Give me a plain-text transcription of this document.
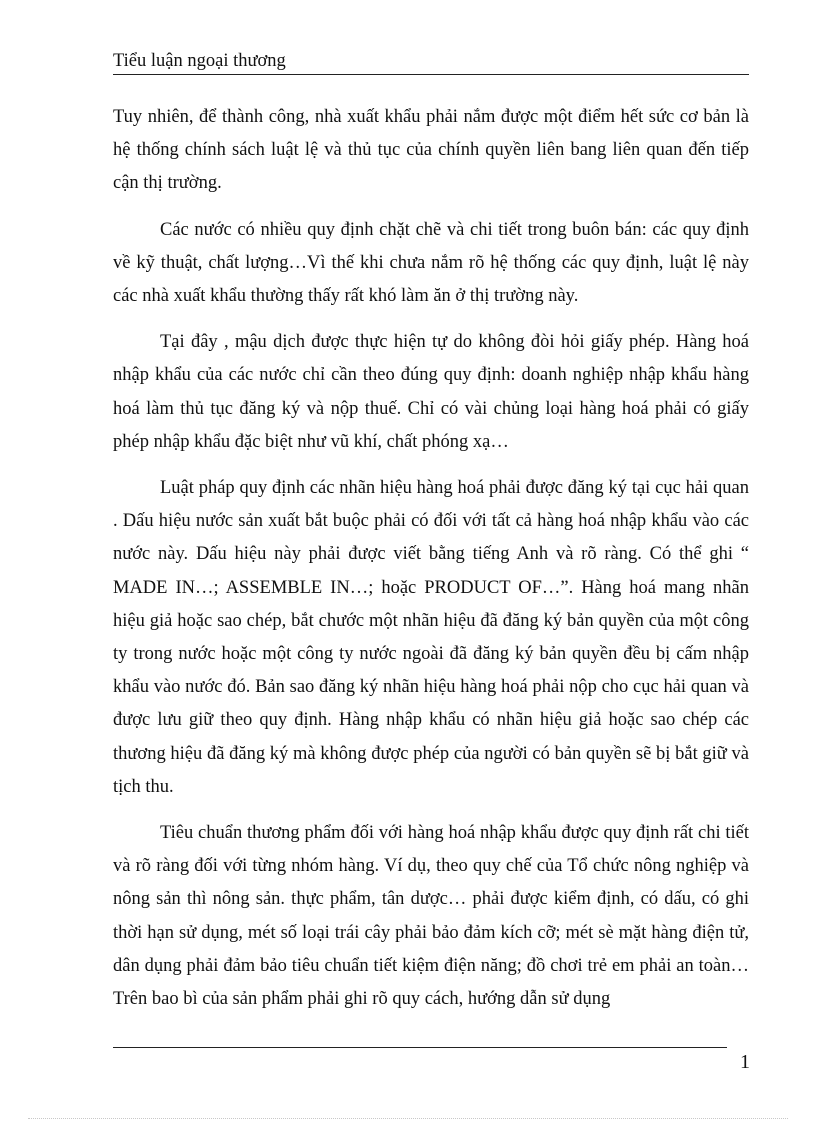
Tiểu luận ngoại thương

Tuy nhiên, để thành công, nhà xuất khẩu phải nắm được một điểm hết sức cơ bản là hệ thống chính sách luật lệ và thủ tục của chính quyền liên bang liên quan đến tiếp cận thị trường.

Các nước có nhiều quy định chặt chẽ và chi tiết trong buôn bán: các quy định về kỹ thuật, chất lượng…Vì thế khi chưa nắm rõ hệ thống các quy định, luật lệ này các nhà xuất khẩu thường thấy rất khó làm ăn ở thị trường này.

Tại đây , mậu dịch được thực hiện tự do không đòi hỏi giấy phép. Hàng hoá nhập khẩu của các nước chỉ cần theo đúng quy định: doanh nghiệp nhập khẩu hàng hoá làm thủ tục đăng ký và nộp thuế. Chỉ có vài chủng loại hàng hoá phải có giấy phép nhập khẩu đặc biệt như vũ khí, chất phóng xạ…

Luật pháp quy định các nhãn hiệu hàng hoá phải được đăng ký tại cục hải quan . Dấu hiệu nước sản xuất bắt buộc phải có đối với tất cả hàng hoá nhập khẩu vào các nước này. Dấu hiệu này phải được viết bằng tiếng Anh và rõ ràng. Có thể ghi “ MADE IN…; ASSEMBLE IN…; hoặc PRODUCT OF…”. Hàng hoá mang nhãn hiệu giả hoặc sao chép, bắt chước một nhãn hiệu đã đăng ký bản quyền của một công ty trong nước hoặc một công ty nước ngoài đã đăng ký bản quyền đều bị cấm nhập khẩu vào nước đó. Bản sao đăng ký nhãn hiệu hàng hoá phải nộp cho cục hải quan và được lưu giữ theo quy định. Hàng nhập khẩu có nhãn hiệu giả hoặc sao chép các thương hiệu đã đăng ký mà không được phép của người có bản quyền sẽ bị bắt giữ và tịch thu.

Tiêu chuẩn thương phẩm đối với hàng hoá nhập khẩu được quy định rất chi tiết và rõ ràng đối với từng nhóm hàng. Ví dụ, theo quy chế của Tổ chức nông nghiệp và nông sản thì nông sản. thực phẩm, tân dược… phải được kiểm định, có dấu, có ghi thời hạn sử dụng, mét số loại trái cây phải bảo đảm kích cỡ; mét sè mặt hàng điện tử, dân dụng phải đảm bảo tiêu chuẩn tiết kiệm điện năng; đồ chơi trẻ em phải an toàn… Trên bao bì của sản phẩm phải ghi rõ quy cách, hướng dẫn sử dụng

1
